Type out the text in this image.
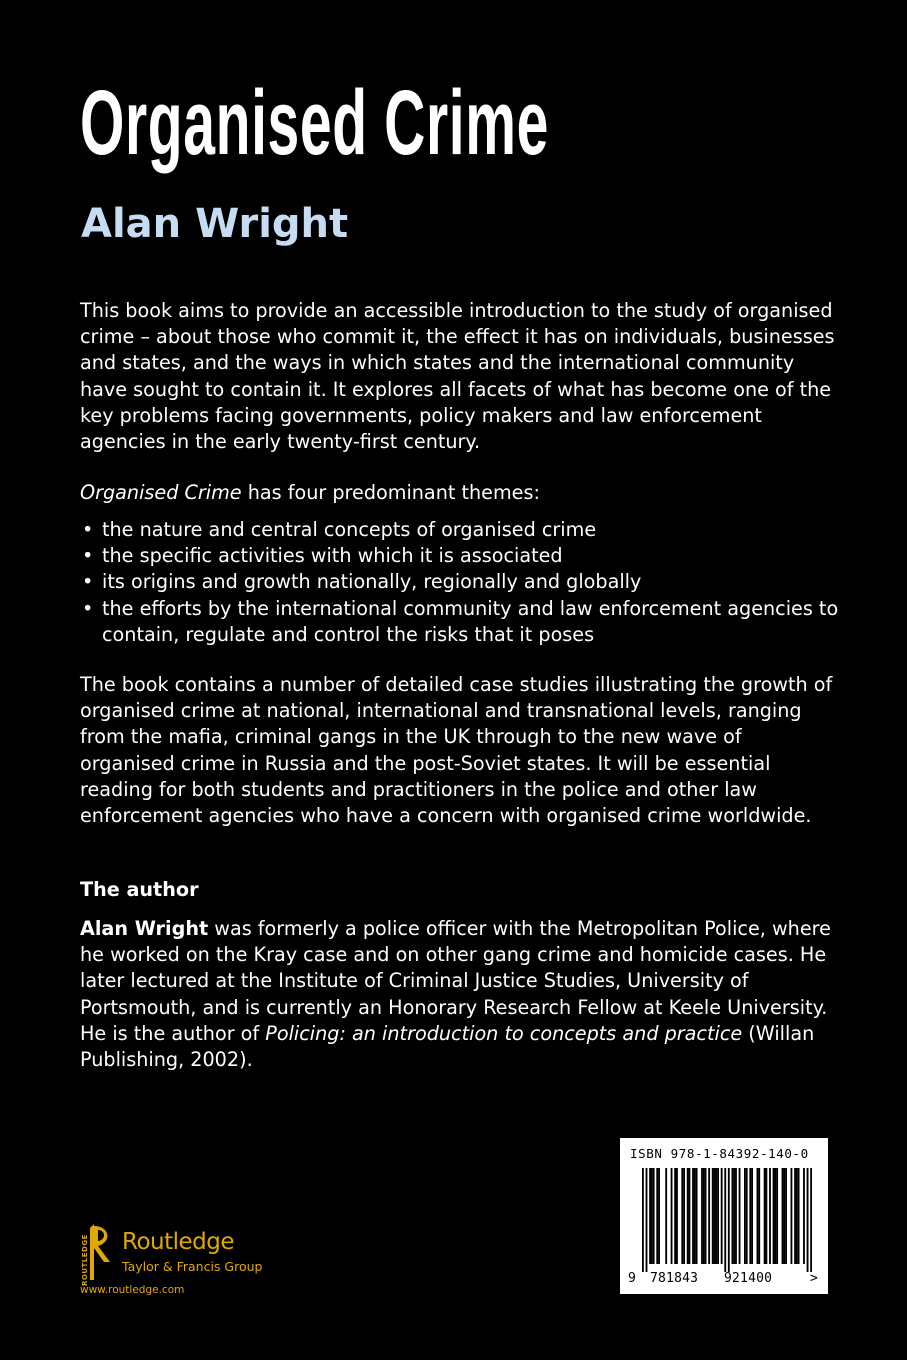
Organised Crime
Alan Wright

This book aims to provide an accessible introduction to the study of organised crime – about those who commit it, the effect it has on individuals, businesses and states, and the ways in which states and the international community have sought to contain it. It explores all facets of what has become one of the key problems facing governments, policy makers and law enforcement agencies in the early twenty-first century.

Organised Crime has four predominant themes:

• the nature and central concepts of organised crime
• the specific activities with which it is associated
• its origins and growth nationally, regionally and globally
• the efforts by the international community and law enforcement agencies to contain, regulate and control the risks that it poses

The book contains a number of detailed case studies illustrating the growth of organised crime at national, international and transnational levels, ranging from the mafia, criminal gangs in the UK through to the new wave of organised crime in Russia and the post-Soviet states. It will be essential reading for both students and practitioners in the police and other law enforcement agencies who have a concern with organised crime worldwide.

The author

Alan Wright was formerly a police officer with the Metropolitan Police, where he worked on the Kray case and on other gang crime and homicide cases. He later lectured at the Institute of Criminal Justice Studies, University of Portsmouth, and is currently an Honorary Research Fellow at Keele University. He is the author of Policing: an introduction to concepts and practice (Willan Publishing, 2002).

ROUTLEDGE Routledge

Taylor & Francis Group

www.routledge.com

ISBN 978-1-84392-140-0

9 781843 921400	>
